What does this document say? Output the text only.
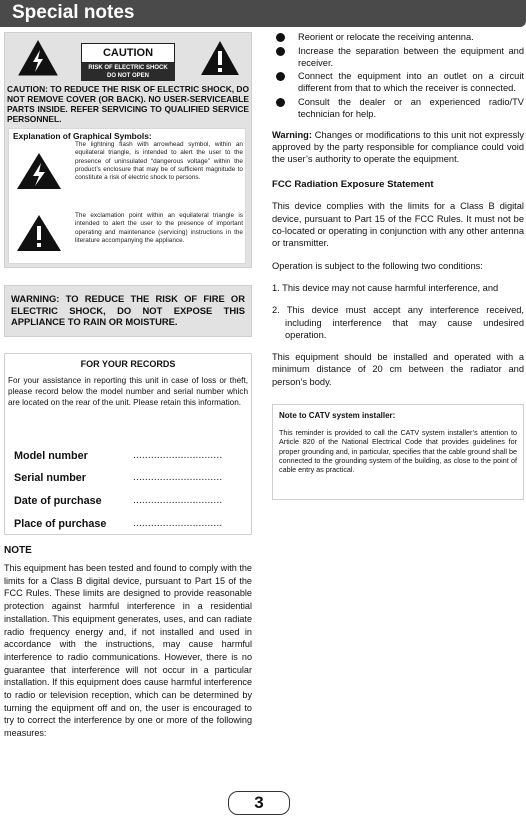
Special notes
CAUTION
RISK OF ELECTRIC SHOCK
DO NOT OPEN
CAUTION: TO REDUCE THE RISK OF ELECTRIC SHOCK, DO NOT REMOVE COVER (OR BACK). NO USER-SERVICEABLE PARTS INSIDE. REFER SERVICING TO QUALIFIED SERVICE PERSONNEL.
Explanation of Graphical Symbols:
The lightning flash with arrowhead symbol, within an equilateral triangle, is intended to alert the user to the presence of uninsulated “dangerous voltage” within the product’s enclosure that may be of sufficient magnitude to constitute a risk of electric shock to persons.
The exclamation point within an equilateral triangle is intended to alert the user to the presence of important operating and maintenance (servicing) instructions in the literature accompanying the appliance.
WARNING: TO REDUCE THE RISK OF FIRE OR ELECTRIC SHOCK, DO NOT EXPOSE THIS APPLIANCE TO RAIN OR MOISTURE.
FOR YOUR RECORDS
For your assistance in reporting this unit in case of loss or theft, please record below the model number and serial number which are located on the rear of the unit. Please retain this information.
Model number	..............................
Serial number	..............................
Date of purchase	..............................
Place of purchase	..............................
NOTE
This equipment has been tested and found to comply with the limits for a Class B digital device, pursuant to Part 15 of the FCC Rules. These limits are designed to provide reasonable protection against harmful interference in a residential installation. This equipment generates, uses, and can radiate radio frequency energy and, if not installed and used in accordance with the instructions, may cause harmful interference to radio communications. However, there is no guarantee that interference will not occur in a particular installation. If this equipment does cause harmful interference to radio or television reception, which can be determined by turning the equipment off and on, the user is encouraged to try to correct the interference by one or more of the following measures:
Reorient or relocate the receiving antenna.
Increase the separation between the equipment and receiver.
Connect the equipment into an outlet on a circuit different from that to which the receiver is connected.
Consult the dealer or an experienced radio/TV technician for help.
Warning: Changes or modifications to this unit not expressly approved by the party responsible for compliance could void the user’s authority to operate the equipment.
FCC Radiation Exposure Statement
This device complies with the limits for a Class B digital device, pursuant to Part 15 of the FCC Rules. It must not be co-located or operating in conjunction with any other antenna or transmitter.
Operation is subject to the following two conditions:
1. This device may not cause harmful interference, and
2. This device must accept any interference received, including interference that may cause undesired operation.
This equipment should be installed and operated with a minimum distance of 20 cm between the radiator and person’s body.
Note to CATV system installer:
This reminder is provided to call the CATV system installer’s attention to Article 820 of the National Electrical Code that provides guidelines for proper grounding and, in particular, specifies that the cable ground shall be connected to the grounding system of the building, as close to the point of cable entry as practical.
3
